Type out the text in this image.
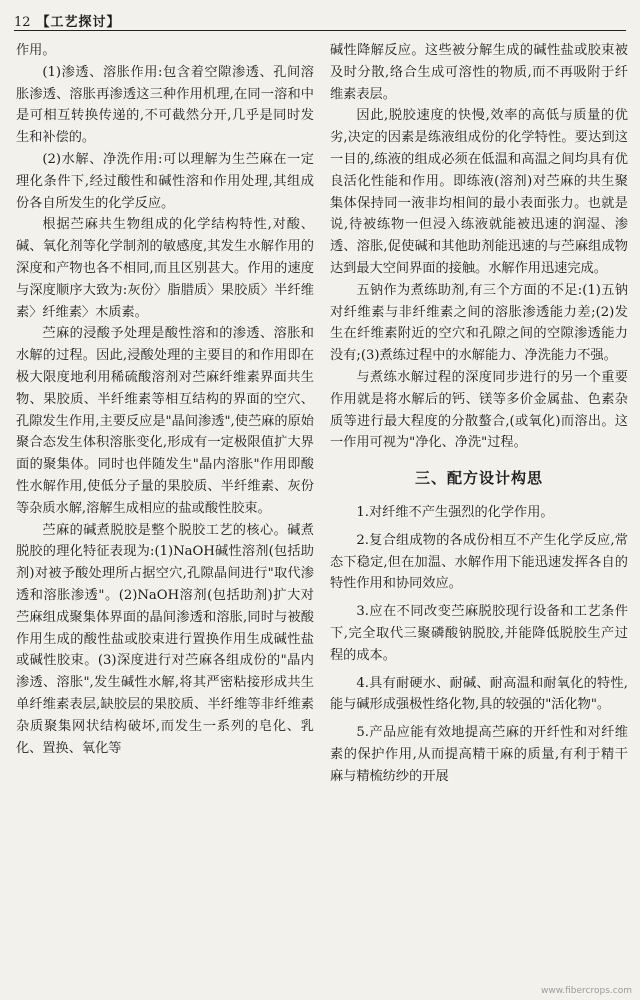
12 【工艺探讨】

作用。

(1)渗透、溶胀作用:包含着空隙渗透、孔间溶胀渗透、溶胀再渗透这三种作用机理,在同一溶和中是可相互转换传递的,不可截然分开,几乎是同时发生和补偿的。

(2)水解、净洗作用:可以理解为生苎麻在一定理化条件下,经过酸性和碱性溶和作用处理,其组成份各自所发生的化学反应。

根据苎麻共生物组成的化学结构特性,对酸、碱、氧化剂等化学制剂的敏感度,其发生水解作用的深度和产物也各不相同,而且区别甚大。作用的速度与深度顺序大致为:灰份〉脂腊质〉果胶质〉半纤维素〉纤维素〉木质素。

苎麻的浸酸予处理是酸性溶和的渗透、溶胀和水解的过程。因此,浸酸处理的主要目的和作用即在极大限度地利用稀硫酸溶剂对苎麻纤维素界面共生物、果胶质、半纤维素等相互结构的界面的空穴、孔隙发生作用,主要反应是"晶间渗透",使苎麻的原始聚合态发生体积溶胀变化,形成有一定极限值扩大界面的聚集体。同时也伴随发生"晶内溶胀"作用即酸性水解作用,使低分子量的果胶质、半纤维素、灰份等杂质水解,溶解生成相应的盐或酸性胶束。

苎麻的碱煮脱胶是整个脱胶工艺的核心。碱煮脱胶的理化特征表现为:(1)NaOH碱性溶剂(包括助剂)对被予酸处理所占据空穴,孔隙晶间进行"取代渗透和溶胀渗透"。(2)NaOH溶剂(包括助剂)扩大对苎麻组成聚集体界面的晶间渗透和溶胀,同时与被酸作用生成的酸性盐或胶束进行置换作用生成碱性盐或碱性胶束。(3)深度进行对苎麻各组成份的"晶内渗透、溶胀",发生碱性水解,将其严密粘接形成共生单纤维素表层,缺胶层的果胶质、半纤维等非纤维素杂质聚集网状结构破坏,而发生一系列的皂化、乳化、置换、氧化等

碱性降解反应。这些被分解生成的碱性盐或胶束被及时分散,络合生成可溶性的物质,而不再吸附于纤维素表层。

因此,脱胶速度的快慢,效率的高低与质量的优劣,决定的因素是练液组成份的化学特性。要达到这一目的,练液的组成必须在低温和高温之间均具有优良活化性能和作用。即练液(溶剂)对苎麻的共生聚集体保持同一液非均相间的最小表面张力。也就是说,待被练物一但浸入练液就能被迅速的润湿、渗透、溶胀,促使碱和其他助剂能迅速的与苎麻组成物达到最大空间界面的接触。水解作用迅速完成。

五钠作为煮练助剂,有三个方面的不足:(1)五钠对纤维素与非纤维素之间的溶胀渗透能力差;(2)发生在纤维素附近的空穴和孔隙之间的空隙渗透能力没有;(3)煮练过程中的水解能力、净洗能力不强。

与煮练水解过程的深度同步进行的另一个重要作用就是将水解后的钙、镁等多价金属盐、色素杂质等进行最大程度的分散螯合,(或氧化)而溶出。这一作用可视为"净化、净洗"过程。

三、配方设计构思

1.对纤维不产生强烈的化学作用。

2.复合组成物的各成份相互不产生化学反应,常态下稳定,但在加温、水解作用下能迅速发挥各自的特性作用和协同效应。

3.应在不同改变苎麻脱胶现行设备和工艺条件下,完全取代三聚磷酸钠脱胶,并能降低脱胶生产过程的成本。

4.具有耐硬水、耐碱、耐高温和耐氧化的特性,能与碱形成强极性络化物,具的较强的"活化物"。

5.产品应能有效地提高苎麻的开纤性和对纤维素的保护作用,从而提高精干麻的质量,有利于精干麻与精梳纺纱的开展

www.fibercrops.com
